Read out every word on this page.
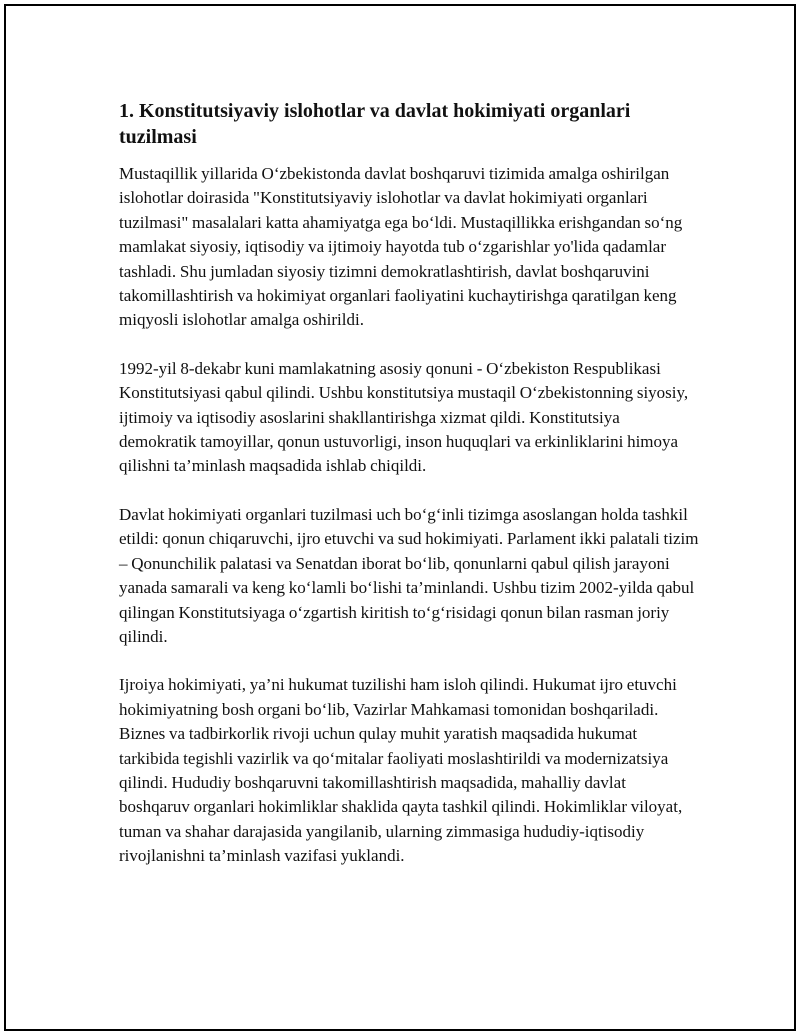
1. Konstitutsiyaviy islohotlar va davlat hokimiyati organlari tuzilmasi

Mustaqillik yillarida O‘zbekistonda davlat boshqaruvi tizimida amalga oshirilgan islohotlar doirasida "Konstitutsiyaviy islohotlar va davlat hokimiyati organlari tuzilmasi" masalalari katta ahamiyatga ega bo‘ldi. Mustaqillikka erishgandan so‘ng mamlakat siyosiy, iqtisodiy va ijtimoiy hayotda tub o‘zgarishlar yo'lida qadamlar tashladi. Shu jumladan siyosiy tizimni demokratlashtirish, davlat boshqaruvini takomillashtirish va hokimiyat organlari faoliyatini kuchaytirishga qaratilgan keng miqyosli islohotlar amalga oshirildi.

1992-yil 8-dekabr kuni mamlakatning asosiy qonuni - O‘zbekiston Respublikasi Konstitutsiyasi qabul qilindi. Ushbu konstitutsiya mustaqil O‘zbekistonning siyosiy, ijtimoiy va iqtisodiy asoslarini shakllantirishga xizmat qildi. Konstitutsiya demokratik tamoyillar, qonun ustuvorligi, inson huquqlari va erkinliklarini himoya qilishni ta’minlash maqsadida ishlab chiqildi.

Davlat hokimiyati organlari tuzilmasi uch bo‘g‘inli tizimga asoslangan holda tashkil etildi: qonun chiqaruvchi, ijro etuvchi va sud hokimiyati. Parlament ikki palatali tizim – Qonunchilik palatasi va Senatdan iborat bo‘lib, qonunlarni qabul qilish jarayoni yanada samarali va keng ko‘lamli bo‘lishi ta’minlandi. Ushbu tizim 2002-yilda qabul qilingan Konstitutsiyaga o‘zgartish kiritish to‘g‘risidagi qonun bilan rasman joriy qilindi.

Ijroiya hokimiyati, ya’ni hukumat tuzilishi ham isloh qilindi. Hukumat ijro etuvchi hokimiyatning bosh organi bo‘lib, Vazirlar Mahkamasi tomonidan boshqariladi. Biznes va tadbirkorlik rivoji uchun qulay muhit yaratish maqsadida hukumat tarkibida tegishli vazirlik va qo‘mitalar faoliyati moslashtirildi va modernizatsiya qilindi. Hududiy boshqaruvni takomillashtirish maqsadida, mahalliy davlat boshqaruv organlari hokimliklar shaklida qayta tashkil qilindi. Hokimliklar viloyat, tuman va shahar darajasida yangilanib, ularning zimmasiga hududiy-iqtisodiy rivojlanishni ta’minlash vazifasi yuklandi.
